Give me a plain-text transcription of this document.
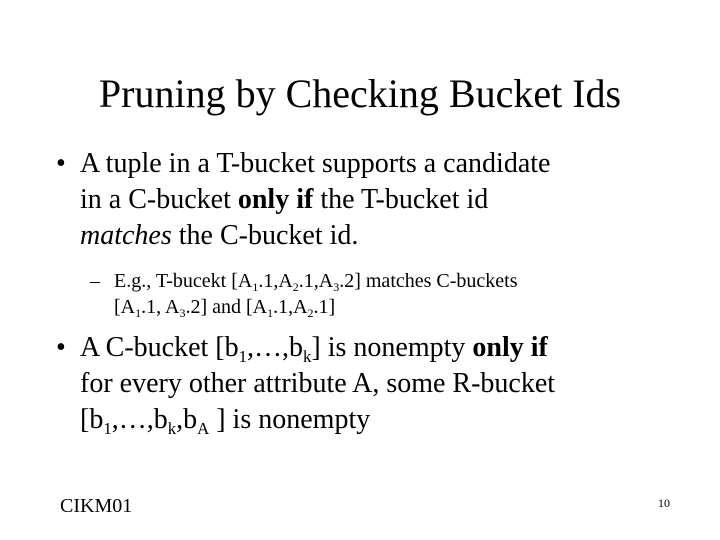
Pruning by Checking Bucket Ids
• A tuple in a T-bucket supports a candidate
in a C-bucket only if the T-bucket id
matches the C-bucket id.
– E.g., T-bucekt $[A_1.1,A_2.1,A_3.2]$ matches C-buckets
[$A_1.1$, $A_3.2$] and $[A_1.1,A_2.1]$
• A C-bucket $[b_1,\dots,b_k]$ is nonempty only if
for every other attribute A, some R-bucket
[$b_1,\dots,b_k,b_A$ ] is nonempty
CIKM01	10
